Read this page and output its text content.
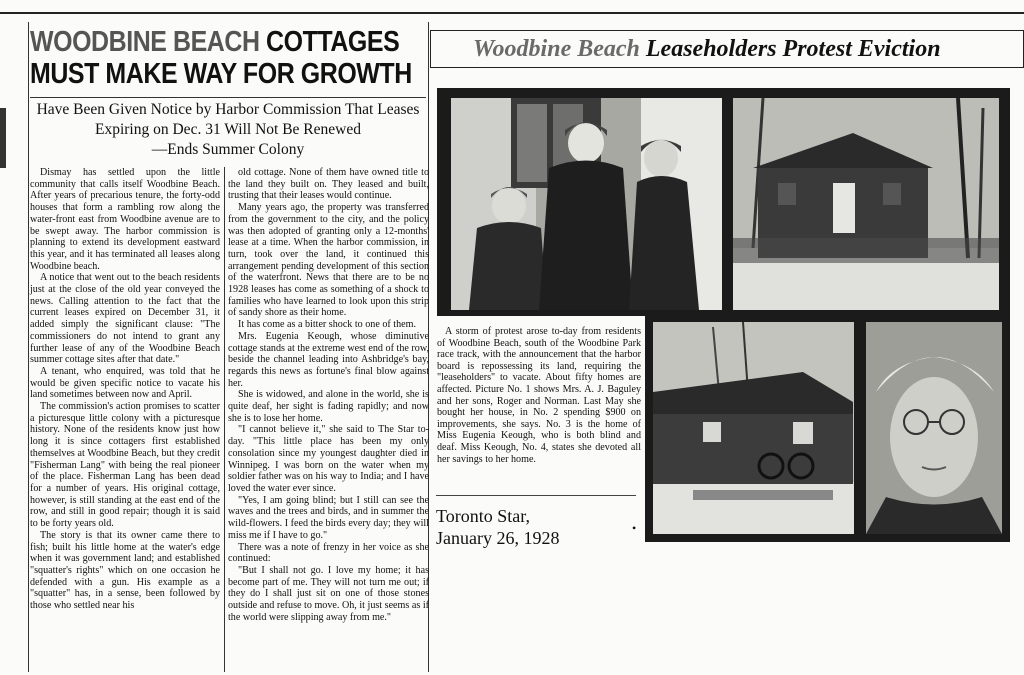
WOODBINE BEACH COTTAGES
MUST MAKE WAY FOR GROWTH
Have Been Given Notice by Harbor Commission That Leases
Expiring on Dec. 31 Will Not Be Renewed
—Ends Summer Colony

Dismay has settled upon the little community that calls itself Woodbine Beach. After years of precarious tenure, the forty-odd houses that form a rambling row along the water-front east from Woodbine avenue are to be swept away. The harbor commission is planning to extend its development eastward this year, and it has terminated all leases along Woodbine beach.

A notice that went out to the beach residents just at the close of the old year conveyed the news. Calling attention to the fact that the current leases expired on December 31, it added simply the significant clause: "The commissioners do not intend to grant any further lease of any of the Woodbine Beach summer cottage sites after that date."

A tenant, who enquired, was told that he would be given specific notice to vacate his land sometimes between now and April.

The commission's action promises to scatter a picturesque little colony with a picturesque history. None of the residents know just how long it is since cottagers first established themselves at Woodbine Beach, but they credit "Fisherman Lang" with being the real pioneer of the place. Fisherman Lang has been dead for a number of years. His original cottage, however, is still standing at the east end of the row, and still in good repair; though it is said to be forty years old.

The story is that its owner came there to fish; built his little home at the water's edge when it was government land; and established "squatter's rights" which on one occasion he defended with a gun. His example as a "squatter" has, in a sense, been followed by those who settled near his

old cottage. None of them have owned title to the land they built on. They leased and built, trusting that their leases would continue.

Many years ago, the property was transferred from the government to the city, and the policy was then adopted of granting only a 12-months' lease at a time. When the harbor commission, in turn, took over the land, it continued this arrangement pending development of this section of the waterfront. News that there are to be no 1928 leases has come as something of a shock to families who have learned to look upon this strip of sandy shore as their home.

It has come as a bitter shock to one of them.

Mrs. Eugenia Keough, whose diminutive cottage stands at the extreme west end of the row, beside the channel leading into Ashbridge's bay, regards this news as fortune's final blow against her.

She is widowed, and alone in the world, she is quite deaf, her sight is fading rapidly; and now she is to lose her home.

"I cannot believe it," she said to The Star to-day. "This little place has been my only consolation since my youngest daughter died in Winnipeg. I was born on the water when my soldier father was on his way to India; and I have loved the water ever since.

"Yes, I am going blind; but I still can see the waves and the trees and birds, and in summer the wild-flowers. I feed the birds every day; they will miss me if I have to go."

There was a note of frenzy in her voice as she continued:

"But I shall not go. I love my home; it has become part of me. They will not turn me out; if they do I shall just sit on one of those stones outside and refuse to move. Oh, it just seems as if the world were slipping away from me."

Woodbine Beach Leaseholders Protest Eviction

A storm of protest arose to-day from residents of Woodbine Beach, south of the Woodbine Park race track, with the announcement that the harbor board is repossessing its land, requiring the "leaseholders" to vacate. About fifty homes are affected. Picture No. 1 shows Mrs. A. J. Baguley and her sons, Roger and Norman. Last May she bought her house, in No. 2 spending $900 on improvements, she says. No. 3 is the home of Miss Eugenia Keough, who is both blind and deaf. Miss Keough, No. 4, states she devoted all her savings to her home.

Toronto Star,
January 26, 1928	•
